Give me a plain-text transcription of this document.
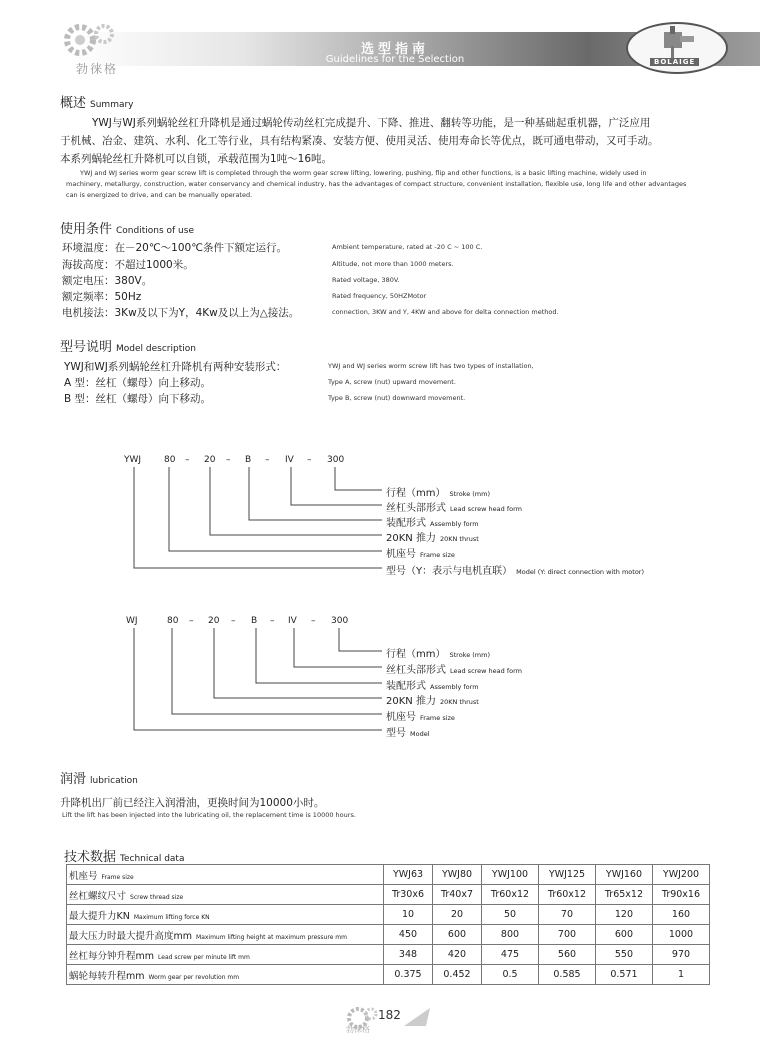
勃徕格
选型指南
Guidelines for the Selection	BOLAIGE
概述 Summary
YWJ与WJ系列蜗轮丝杠升降机是通过蜗轮传动丝杠完成提升、下降、推进、翻转等功能，是一种基础起重机器，广泛应用
于机械、冶金、建筑、水利、化工等行业，具有结构紧凑、安装方便、使用灵活、使用寿命长等优点，既可通电带动，又可手动。
本系列蜗轮丝杠升降机可以自锁，承载范围为1吨～16吨。
YWJ and WJ series worm gear screw lift is completed through the worm gear screw lifting, lowering, pushing, flip and other functions, is a basic lifting machine, widely used in
machinery, metallurgy, construction, water conservancy and chemical industry, has the advantages of compact structure, convenient installation, flexible use, long life and other advantages
can is energized to drive, and can be manually operated.
使用条件 Conditions of use
环境温度：在－20℃～100℃条件下额定运行。
海拔高度：不超过1000米。
额定电压：380V。
额定频率：50Hz
电机接法：3Kw及以下为Y，4Kw及以上为△接法。
Ambient temperature, rated at -20 C ~ 100 C.
Altitude, not more than 1000 meters.
Rated voltage, 380V.
Rated frequency, 50HZMotor
connection, 3KW and Y, 4KW and above for delta connection method.
型号说明 Model description
YWJ和WJ系列蜗轮丝杠升降机有两种安装形式：
A 型：丝杠（螺母）向上移动。
B 型：丝杠（螺母）向下移动。
YWJ and WJ series worm screw lift has two types of installation,
Type A, screw (nut) upward movement.
Type B, screw (nut) downward movement.
YWJ	80 – 20 – B – IV – 300
行程（mm） Stroke (mm)
丝杠头部形式 Lead screw head form
装配形式 Assembly form
20KN 推力 20KN thrust
机座号 Frame size
型号（Y：表示与电机直联） Model (Y: direct connection with motor)
WJ	80 – 20 – B – IV – 300
行程（mm） Stroke (mm)
丝杠头部形式 Lead screw head form
装配形式 Assembly form
20KN 推力 20KN thrust
机座号 Frame size
型号 Model
润滑 lubrication
升降机出厂前已经注入润滑油，更换时间为10000小时。
Lift the lift has been injected into the lubricating oil, the replacement time is 10000 hours.
技术数据 Technical data
机座号 Frame size	YWJ63	YWJ80	YWJ100	YWJ125	YWJ160	YWJ200
丝杠螺纹尺寸 Screw thread size	Tr30x6	Tr40x7	Tr60x12	Tr60x12	Tr65x12	Tr90x16
最大提升力KN Maximum lifting force KN	10	20	50	70	120	160
最大压力时最大提升高度mm Maximum lifting height at maximum pressure mm	450	600	800	700	600	1000
丝杠每分钟升程mm Lead screw per minute lift mm	348	420	475	560	550	970
蜗轮每转升程mm Worm gear per revolution mm	0.375	0.452	0.5	0.585	0.571	1
勃徕格
182
